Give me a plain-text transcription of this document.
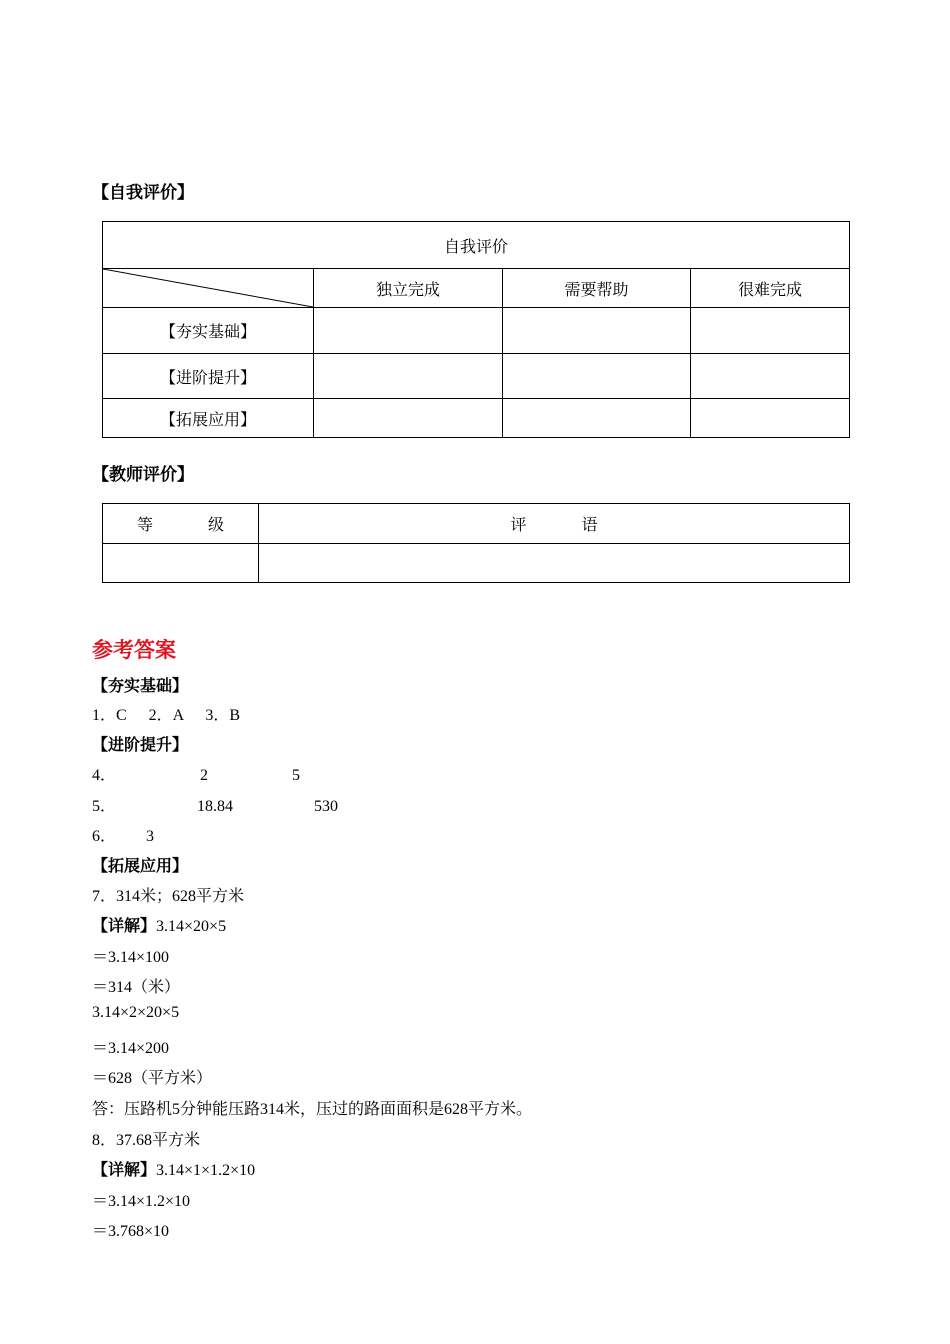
【自我评价】
自我评价			

	独立完成	需要帮助	很难完成
【夯实基础】			
【进阶提升】			
【拓展应用】			
【教师评价】
等 级	评 语

参考答案
【夯实基础】
1．C 2．A 3．B
【进阶提升】
4． 2 5
5． 18.84 530
6． 3
【拓展应用】
7．314米；628平方米
【详解】3.14×20×5
＝3.14×100
＝314（米）
3.14×2×20×5
＝3.14×200
＝628（平方米）
答：压路机5分钟能压路314米，压过的路面面积是628平方米。
8．37.68平方米
【详解】3.14×1×1.2×10
＝3.14×1.2×10
＝3.768×10
